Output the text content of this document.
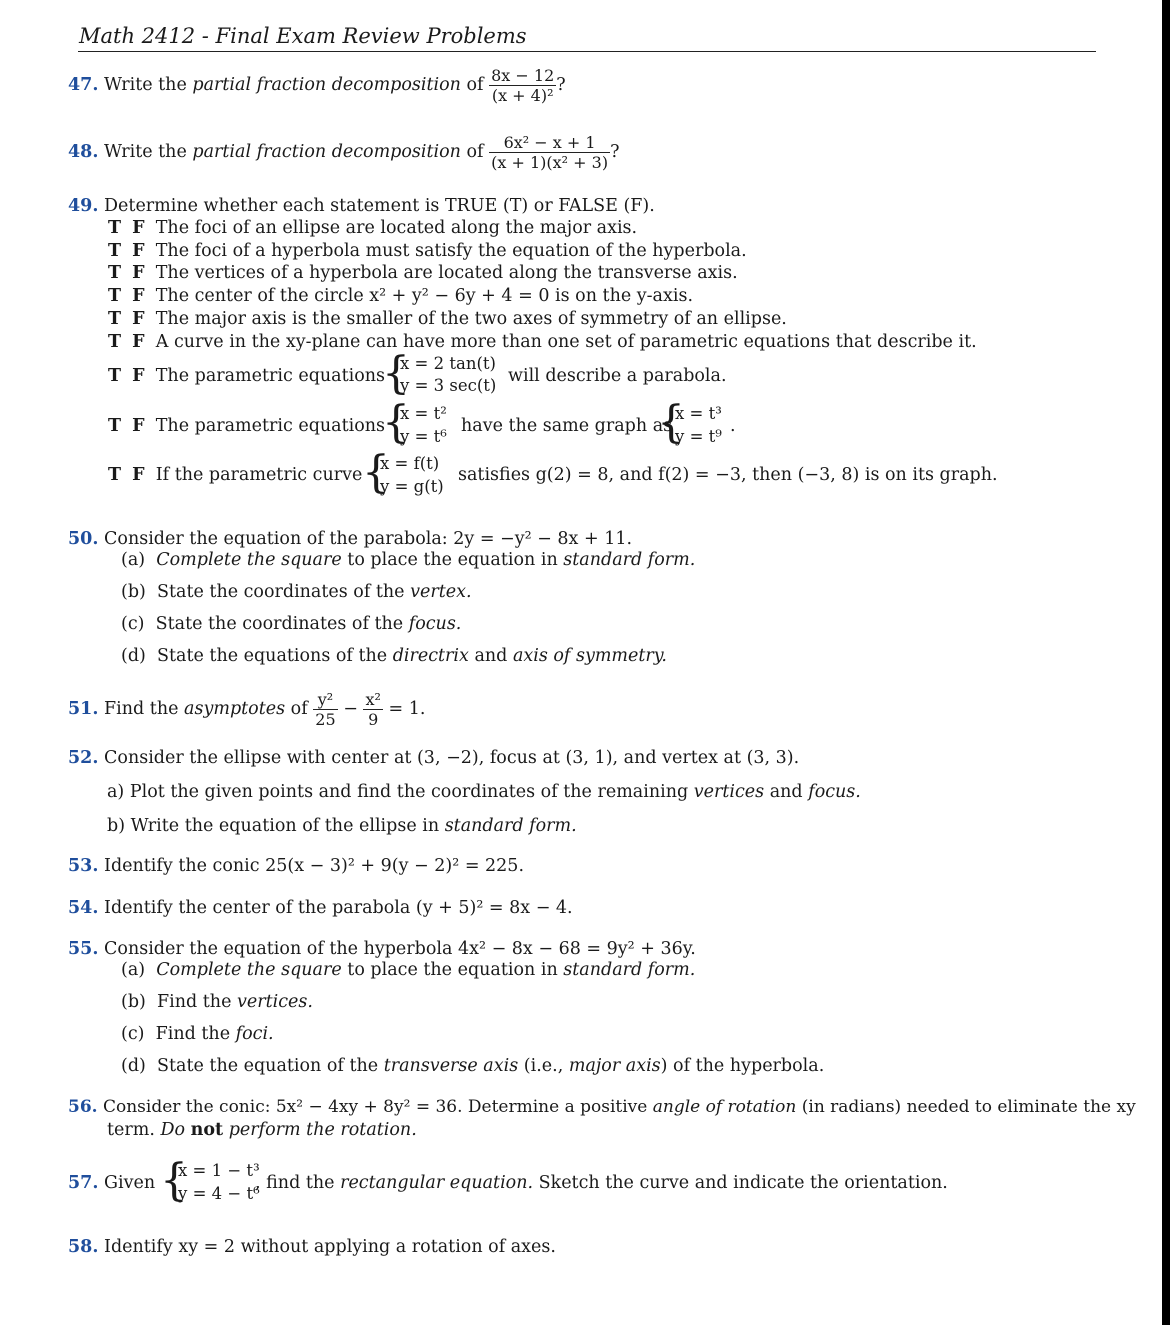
Math 2412 - Final Exam Review Problems
47. Write the partial fraction decomposition of $\frac{8x - 12}{\text{(x + 4)²}}$ ?
48. Write the partial fraction decomposition of $\frac{\text{6x² − x + 1}}{\text{(x + 1)(x² + 3)}}$ ?
49. Determine whether each statement is TRUE (T) or FALSE (F).
T F The foci of an ellipse are located along the major axis.
T F The foci of a hyperbola must satisfy the equation of the hyperbola.
T F The vertices of a hyperbola are located along the transverse axis.
T F The center of the circle x² + y² − 6y + 4 = 0 is on the y-axis.
T F The major axis is the smaller of the two axes of symmetry of an ellipse.
T F A curve in the xy-plane can have more than one set of parametric equations that describe it.
T F The parametric equations
{
x = 2 tan(t)
y = 3 sec(t) will describe a parabola.
T F The parametric equations
{
x = t²
y = t⁶
have the same graph as
{
x = t³
y = t⁹
.
T F If the parametric curve {
x = f(t)
y = g(t)
satisfies g(2) = 8, and f(2) = −3, then (−3, 8) is on its graph.
50. Consider the equation of the parabola: 2y = −y² − 8x + 11.
(a) Complete the square to place the equation in standard form.
(b) State the coordinates of the vertex.
(c) State the coordinates of the focus.
(d) State the equations of the directrix and axis of symmetry.
51. Find the asymptotes of $\frac{\text{y²}}{25} - \frac{\text{x²}}{9} = 1$.
52. Consider the ellipse with center at (3, −2), focus at (3, 1), and vertex at (3, 3).
a) Plot the given points and find the coordinates of the remaining vertices and focus.
b) Write the equation of the ellipse in standard form.
53. Identify the conic 25(x − 3)² + 9(y − 2)² = 225.
54. Identify the center of the parabola (y + 5)² = 8x − 4.
55. Consider the equation of the hyperbola 4x² − 8x − 68 = 9y² + 36y.
(a) Complete the square to place the equation in standard form.
(b) Find the vertices.
(c) Find the foci.
(d) State the equation of the transverse axis (i.e., major axis) of the hyperbola.
56. Consider the conic: 5x² − 4xy + 8y² = 36. Determine a positive angle of rotation (in radians) needed to eliminate the xy
term. Do not perform the rotation.
57. Given {
x = 1 − t³
y = 4 − t⁶
, find the rectangular equation. Sketch the curve and indicate the orientation.
58. Identify xy = 2 without applying a rotation of axes.
